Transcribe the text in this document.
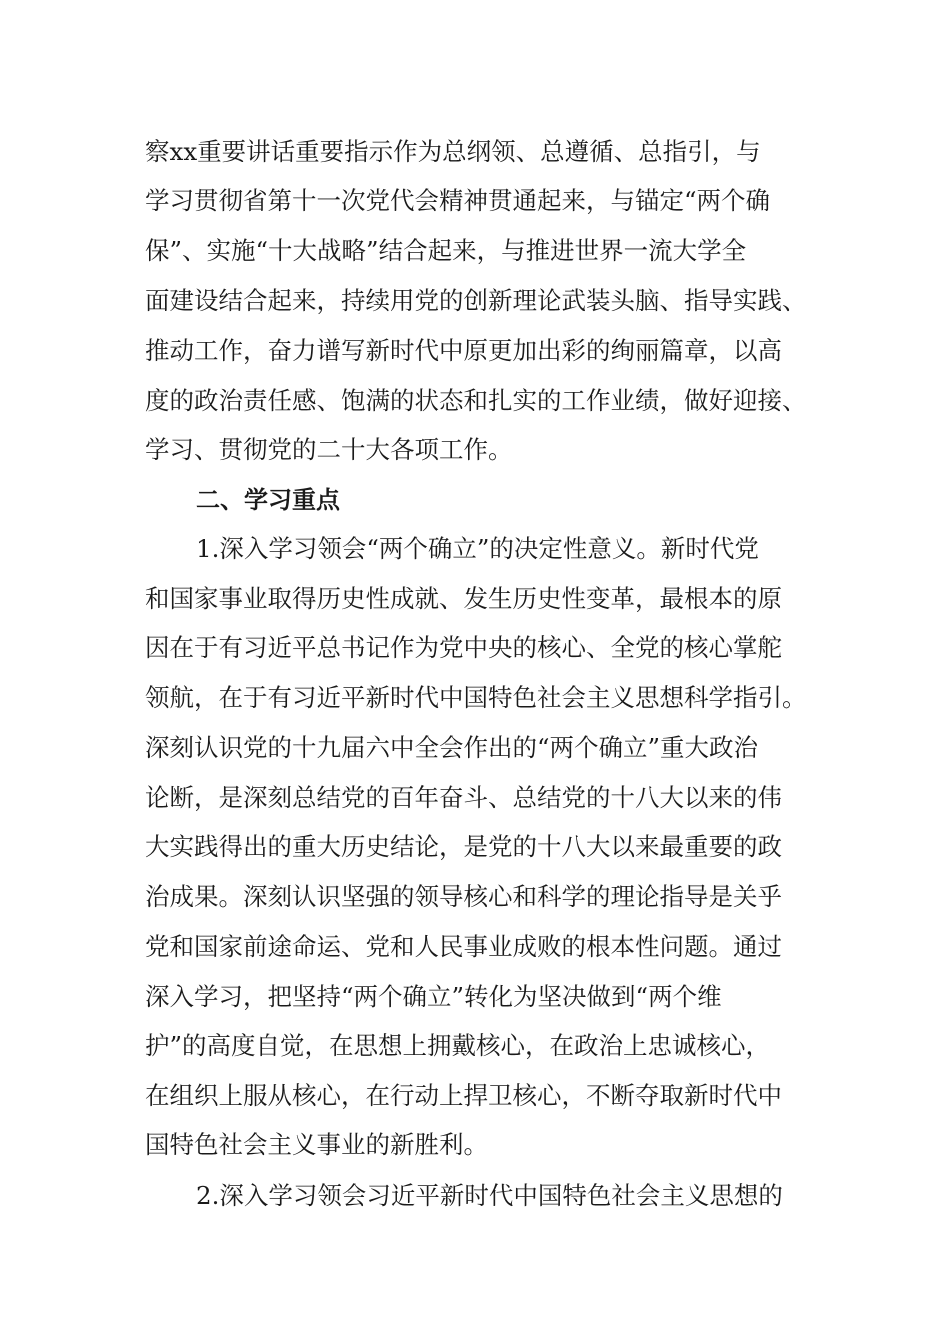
察xx重要讲话重要指示作为总纲领、总遵循、总指引，与
学习贯彻省第十一次党代会精神贯通起来，与锚定“两个确
保”、实施“十大战略”结合起来，与推进世界一流大学全
面建设结合起来，持续用党的创新理论武装头脑、指导实践、
推动工作，奋力谱写新时代中原更加出彩的绚丽篇章，以高
度的政治责任感、饱满的状态和扎实的工作业绩，做好迎接、
学习、贯彻党的二十大各项工作。
二、学习重点
1.深入学习领会“两个确立”的决定性意义。新时代党
和国家事业取得历史性成就、发生历史性变革，最根本的原
因在于有习近平总书记作为党中央的核心、全党的核心掌舵
领航，在于有习近平新时代中国特色社会主义思想科学指引。
深刻认识党的十九届六中全会作出的“两个确立”重大政治
论断，是深刻总结党的百年奋斗、总结党的十八大以来的伟
大实践得出的重大历史结论，是党的十八大以来最重要的政
治成果。深刻认识坚强的领导核心和科学的理论指导是关乎
党和国家前途命运、党和人民事业成败的根本性问题。通过
深入学习，把坚持“两个确立”转化为坚决做到“两个维
护”的高度自觉，在思想上拥戴核心，在政治上忠诚核心，
在组织上服从核心，在行动上捍卫核心，不断夺取新时代中
国特色社会主义事业的新胜利。
2.深入学习领会习近平新时代中国特色社会主义思想的
